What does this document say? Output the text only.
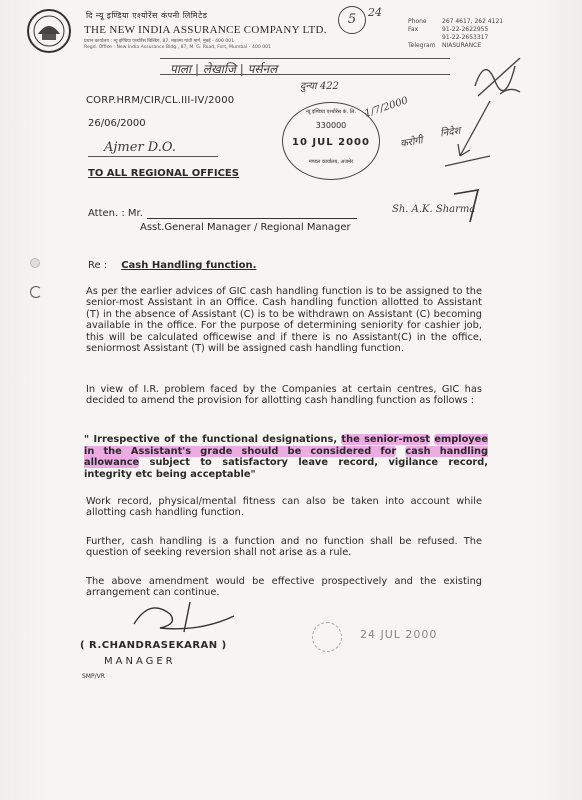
दि न्यू इण्डिया एश्योरेंस कंपनी लिमिटेड
THE NEW INDIA ASSURANCE COMPANY LTD.
प्रधान कार्यालय : न्यू इण्डिया एश्योरेंस बिल्डिंग, 87, महात्मा गांधी मार्ग, मुंबई - 400 001
Regd. Office : New India Assurance Bldg., 87, M. G. Road, Fort, Mumbai - 400 001
Phone	267 4617, 262 4121
Fax	91-22-2622955
91-22-2653317
Telegram NIASURANCE
5	24
पाला | लेखाजि | पर्सनल
दुन्या 422
1/7/2000
करोगी
निदेश
Sh. A.K. Sharma
CORP.HRM/CIR/CL.III-IV/2000
26/06/2000
Ajmer D.O.
न्यू इण्डिया एश्योरेंस कं. लि.
330000
10 JUL 2000
मण्डल कार्यालय, अजमेर
TO ALL REGIONAL OFFICES
Atten. : Mr.
Asst.General Manager / Regional Manager
Re : Cash Handling function.
As per the earlier advices of GIC cash handling function is to be assigned to the senior-most Assistant in an Office. Cash handling function allotted to Assistant (T) in the absence of Assistant (C) is to be withdrawn on Assistant (C) becoming available in the office. For the purpose of determining seniority for cashier job, this will be calculated officewise and if there is no Assistant(C) in the office, seniormost Assistant (T) will be assigned cash handling function.
In view of I.R. problem faced by the Companies at certain centres, GIC has decided to amend the provision for allotting cash handling function as follows :
" Irrespective of the functional designations, the senior-most employee in the Assistant's grade should be considered for cash handling allowance subject to satisfactory leave record, vigilance record, integrity etc being acceptable"
Work record, physical/mental fitness can also be taken into account while allotting cash handling function.
Further, cash handling is a function and no function shall be refused. The question of seeking reversion shall not arise as a rule.
The above amendment would be effective prospectively and the existing arrangement can continue.
( R.CHANDRASEKARAN )
MANAGER
SMP/VR
24 JUL 2000
